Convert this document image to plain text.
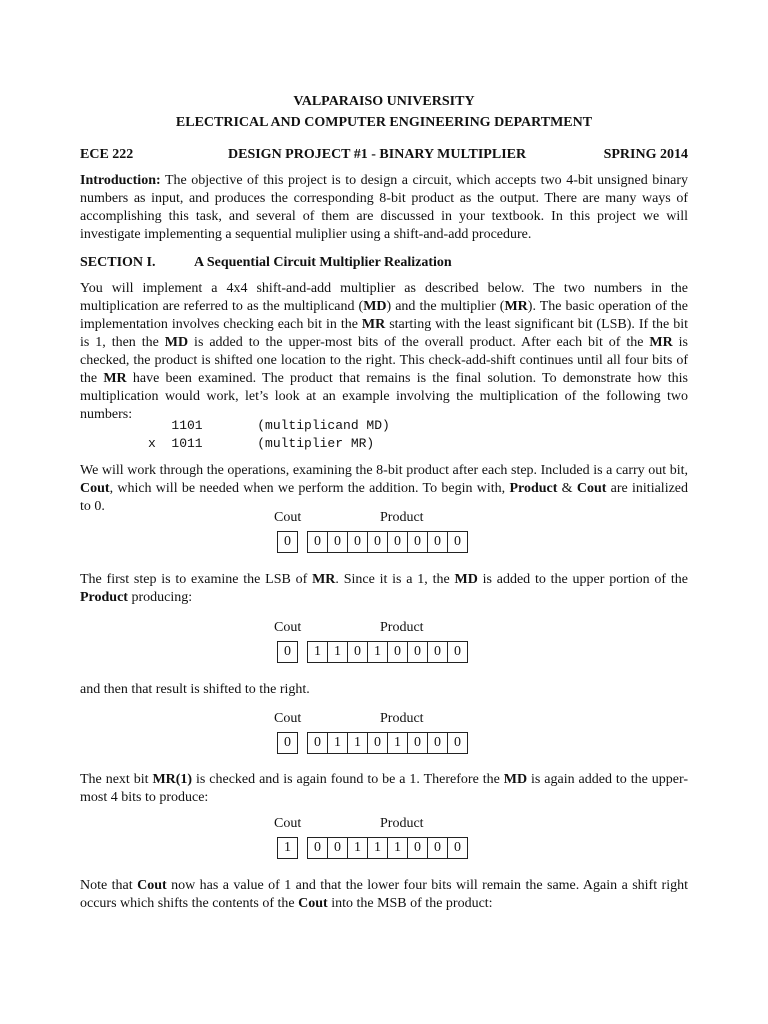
VALPARAISO UNIVERSITY
ELECTRICAL AND COMPUTER ENGINEERING DEPARTMENT
ECE 222	DESIGN PROJECT #1 - BINARY MULTIPLIER	SPRING 2014

Introduction: The objective of this project is to design a circuit, which accepts two 4-bit unsigned binary numbers as input, and produces the corresponding 8-bit product as the output. There are many ways of accomplishing this task, and several of them are discussed in your textbook. In this project we will investigate implementing a sequential muliplier using a shift-and-add procedure.

SECTION I.	A Sequential Circuit Multiplier Realization

You will implement a 4x4 shift-and-add multiplier as described below. The two numbers in the multiplication are referred to as the multiplicand (MD) and the multiplier (MR). The basic operation of the implementation involves checking each bit in the MR starting with the least significant bit (LSB). If the bit is 1, then the MD is added to the upper-most bits of the overall product. After each bit of the MR is checked, the product is shifted one location to the right. This check-add-shift continues until all four bits of the MR have been examined. The product that remains is the final solution. To demonstrate how this multiplication would work, let’s look at an example involving the multiplication of the following two numbers:

1101       (multiplicand MD)
x  1011       (multiplier MR)

We will work through the operations, examining the 8-bit product after each step. Included is a carry out bit, Cout, which will be needed when we perform the addition. To begin with, Product & Cout are initialized to 0.

Cout	Product
0	0 0 0 0 0 0 0 0

The first step is to examine the LSB of MR. Since it is a 1, the MD is added to the upper portion of the Product producing:

Cout	Product
0	1 1 0 1 0 0 0 0

and then that result is shifted to the right.

Cout	Product
0	0 1 1 0 1 0 0 0

The next bit MR(1) is checked and is again found to be a 1. Therefore the MD is again added to the upper-most 4 bits to produce:

Cout	Product
1	0 0 1 1 1 0 0 0

Note that Cout now has a value of 1 and that the lower four bits will remain the same. Again a shift right occurs which shifts the contents of the Cout into the MSB of the product:
